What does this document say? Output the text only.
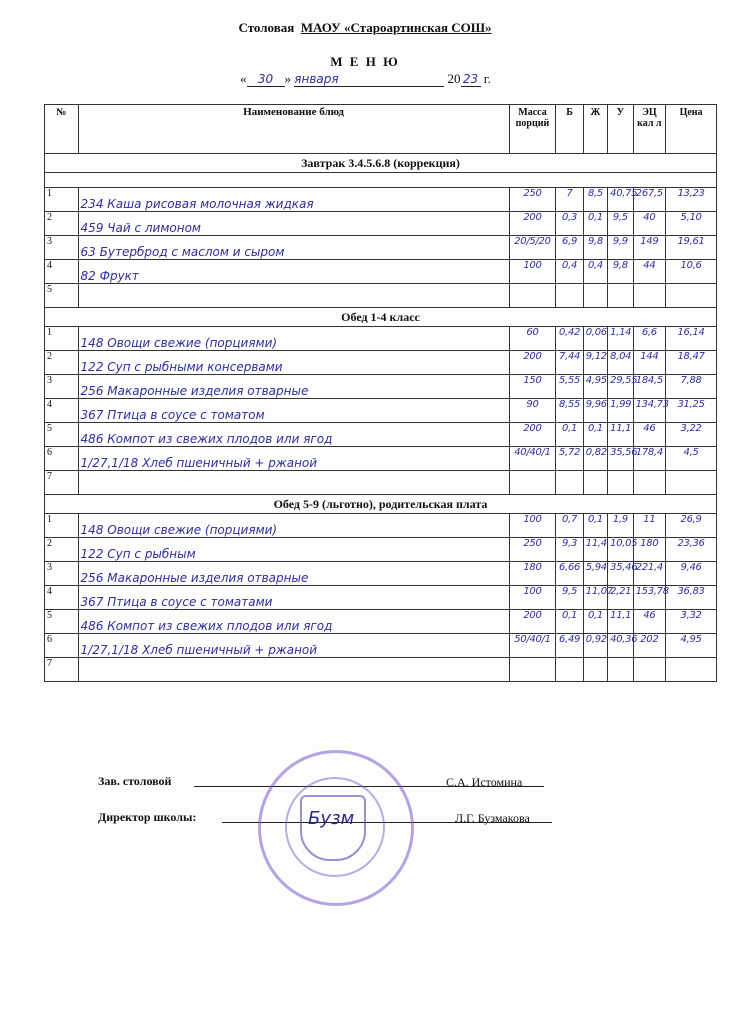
Столовая МАОУ «Староартинская СОШ»
М Е Н Ю
« 30 » января	20 23 г.
№	Наименование блюд	Масса порций	Б	Ж	У	ЭЦ кал л	Цена
Завтрак 3.4.5.6.8 (коррекция)							

1	234 Каша рисовая молочная жидкая	250	7	8,5	40,75	267,5	13,23
2	459 Чай с лимоном	200	0,3	0,1	9,5	40	5,10
3	63 Бутерброд с маслом и сыром	20/5/20	6,9	9,8	9,9	149	19,61
4	82 Фрукт	100	0,4	0,4	9,8	44	10,6
5							
Обед 1-4 класс							
1	148 Овощи свежие (порциями)	60	0,42	0,06	1,14	6,6	16,14
2	122 Суп с рыбными консервами	200	7,44	9,12	8,04	144	18,47
3	256 Макаронные изделия отварные	150	5,55	4,95	29,55	184,5	7,88
4	367 Птица в соусе с томатом	90	8,55	9,96	1,99	134,73	31,25
5	486 Компот из свежих плодов или ягод	200	0,1	0,1	11,1	46	3,22
6	1/27,1/18 Хлеб пшеничный + ржаной	40/40/1	5,72	0,82	35,56	178,4	4,5
7							
Обед 5-9 (льготно), родительская плата							
1	148 Овощи свежие (порциями)	100	0,7	0,1	1,9	11	26,9
2	122 Суп с рыбным	250	9,3	11,4	10,05	180	23,36
3	256 Макаронные изделия отварные	180	6,66	5,94	35,46	221,4	9,46
4	367 Птица в соусе с томатами	100	9,5	11,07	2,21	153,78	36,83
5	486 Компот из свежих плодов или ягод	200	0,1	0,1	11,1	46	3,32
6	1/27,1/18 Хлеб пшеничный + ржаной	50/40/1	6,49	0,92	40,36	202	4,95
7							
Зав. столовой	С.А. Истомина
Директор школы:	Л.Г. Бузмакова
Бузм
